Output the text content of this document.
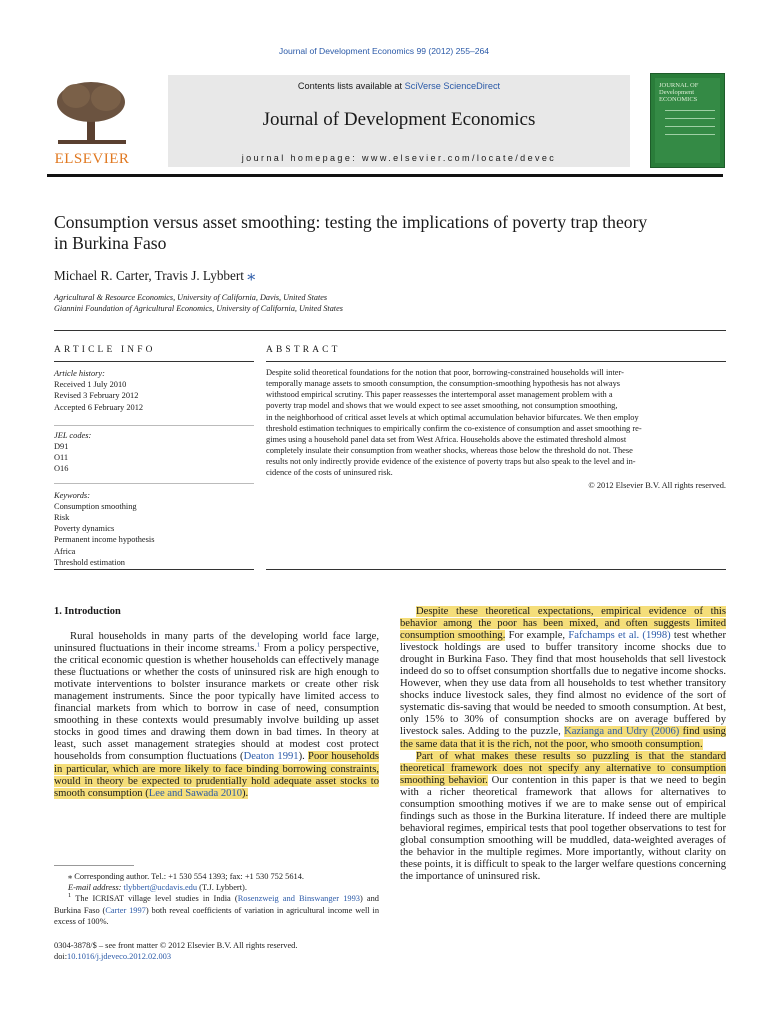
Journal of Development Economics 99 (2012) 255–264
ELSEVIER
Contents lists available at SciVerse ScienceDirect
Journal of Development Economics
journal homepage: www.elsevier.com/locate/devec
JOURNAL OF
Development
ECONOMICS
Consumption versus asset smoothing: testing the implications of poverty trap theory
in Burkina Faso
Michael R. Carter, Travis J. Lybbert ⁎
Agricultural & Resource Economics, University of California, Davis, United States
Giannini Foundation of Agricultural Economics, University of California, United States
ARTICLE INFO
Article history:
Received 1 July 2010
Revised 3 February 2012
Accepted 6 February 2012
JEL codes:
D91
O11
O16
Keywords:
Consumption smoothing
Risk
Poverty dynamics
Permanent income hypothesis
Africa
Threshold estimation
ABSTRACT
Despite solid theoretical foundations for the notion that poor, borrowing-constrained households will inter-
temporally manage assets to smooth consumption, the consumption-smoothing hypothesis has not always
withstood empirical scrutiny. This paper reassesses the intertemporal asset management problem with a
poverty trap model and shows that we would expect to see asset smoothing, not consumption smoothing,
in the neighborhood of critical asset levels at which optimal accumulation behavior bifurcates. We then employ
threshold estimation techniques to empirically confirm the co-existence of consumption and asset smoothing re-
gimes using a household panel data set from West Africa. Households above the estimated threshold almost
completely insulate their consumption from weather shocks, whereas those below the threshold do not. These
results not only indirectly provide evidence of the existence of poverty traps but also speak to the level and in-
cidence of the costs of uninsured risk.
© 2012 Elsevier B.V. All rights reserved.
1. Introduction

Rural households in many parts of the developing world face large, uninsured fluctuations in their income streams.$^1$ From a policy perspective, the critical economic question is whether households can effectively manage these fluctuations or whether the costs of uninsured risk are high enough to motivate interventions to bolster insurance markets or create other risk management instruments. Since the poor typically have limited access to financial markets from which to borrow in case of need, consumption smoothing in these contexts would presumably involve building up asset stocks in good times and drawing them down in bad times. In theory at least, such asset management strategies should at modest cost protect households from consumption fluctuations (Deaton 1991). Poor households in particular, which are more likely to face binding borrowing constraints, would in theory be expected to prudentially hold adequate asset stocks to smooth consumption (Lee and Sawada 2010).

⁎ Corresponding author. Tel.: +1 530 554 1393; fax: +1 530 752 5614.
E-mail address: tlybbert@ucdavis.edu (T.J. Lybbert).
$^1$ The ICRISAT village level studies in India (Rosenzweig and Binswanger 1993) and Burkina Faso (Carter 1997) both reveal coefficients of variation in agricultural income well in excess of 100%.
0304-3878/$ – see front matter © 2012 Elsevier B.V. All rights reserved.
doi:10.1016/j.jdeveco.2012.02.003

Despite these theoretical expectations, empirical evidence of this behavior among the poor has been mixed, and often suggests limited consumption smoothing. For example, Fafchamps et al. (1998) test whether livestock holdings are used to buffer transitory income shocks due to drought in Burkina Faso. They find that most households that sell livestock indeed do so to offset consumption shortfalls due to negative income shocks. However, when they use data from all households to test whether transitory shocks induce livestock sales, they find almost no evidence of the sort of systematic dis-saving that would be needed to smooth consumption. At best, only 15% to 30% of consumption shocks are on average buffered by livestock sales. Adding to the puzzle, Kazianga and Udry (2006) find using the same data that it is the rich, not the poor, who smooth consumption.

Part of what makes these results so puzzling is that the standard theoretical framework does not specify any alternative to consumption smoothing behavior. Our contention in this paper is that we need to begin with a richer theoretical framework that allows for alternatives to consumption smoothing motives if we are to make sense out of empirical findings such as those in the Burkina literature. If indeed there are multiple behavioral regimes, empirical tests that pool together observations to test for global consumption smoothing will be muddled, data-weighted averages of the behavior in the multiple regimes. More importantly, without clarity on these points, it is difficult to speak to the larger welfare questions concerning the importance of uninsured risk.
